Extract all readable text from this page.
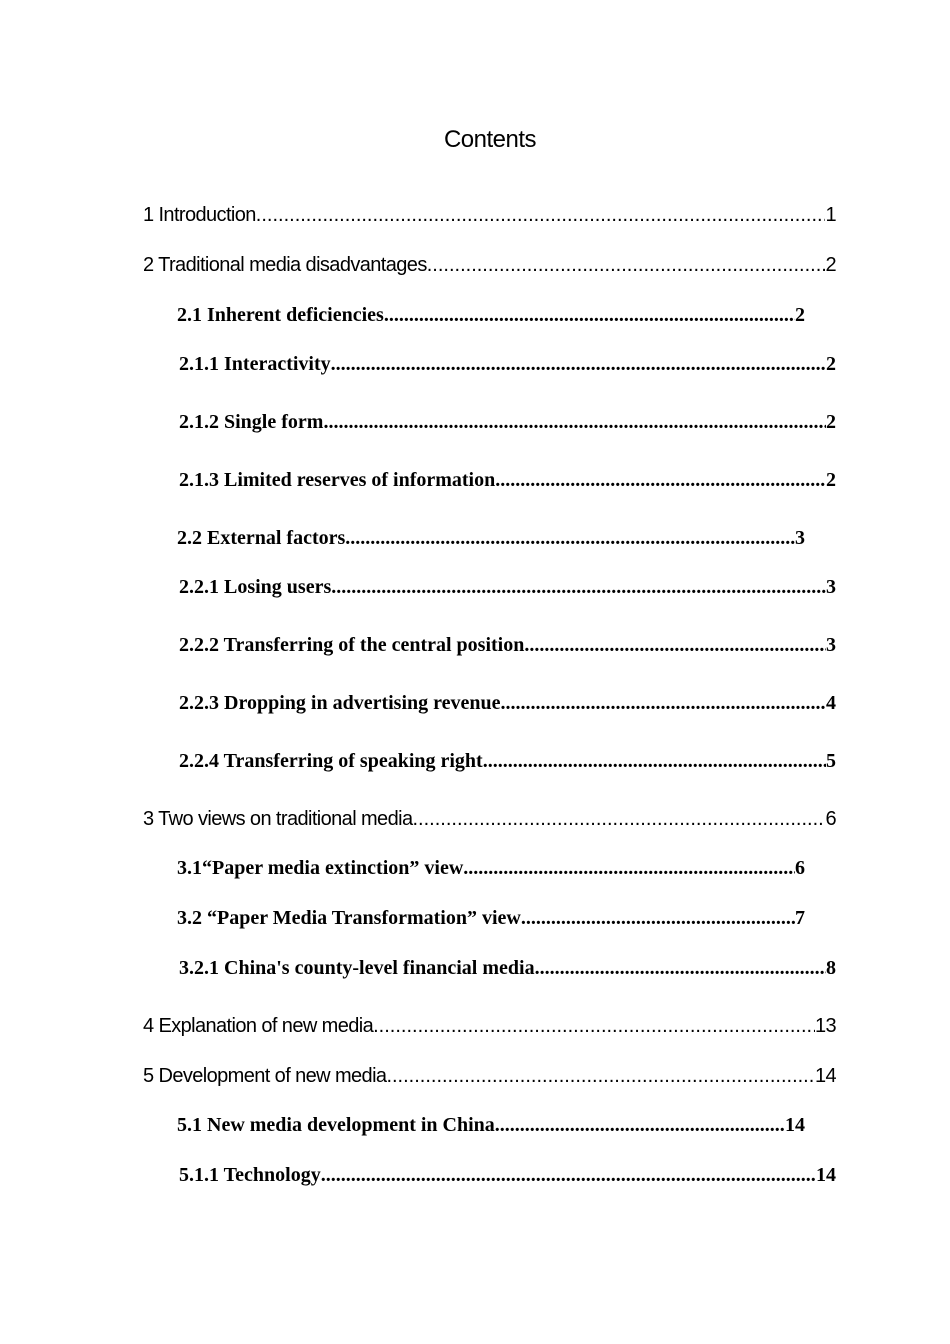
Contents
1 Introduction .....	1
2 Traditional media disadvantages .....	2
2.1 Inherent deficiencies .....	2
2.1.1 Interactivity .....	2
2.1.2 Single form .....	2
2.1.3 Limited reserves of information .....	2
2.2 External factors .....	3
2.2.1 Losing users .....	3
2.2.2 Transferring of the central position .....	3
2.2.3 Dropping in advertising revenue .....	4
2.2.4 Transferring of speaking right .....	5
3 Two views on traditional media .....	6
3.1“Paper media extinction” view .....	6
3.2 “Paper Media Transformation” view .....	7
3.2.1 China's county-level financial media .....	8
4 Explanation of new media .....	13
5 Development of new media .....	14
5.1 New media development in China .....	14
5.1.1 Technology .....	14
